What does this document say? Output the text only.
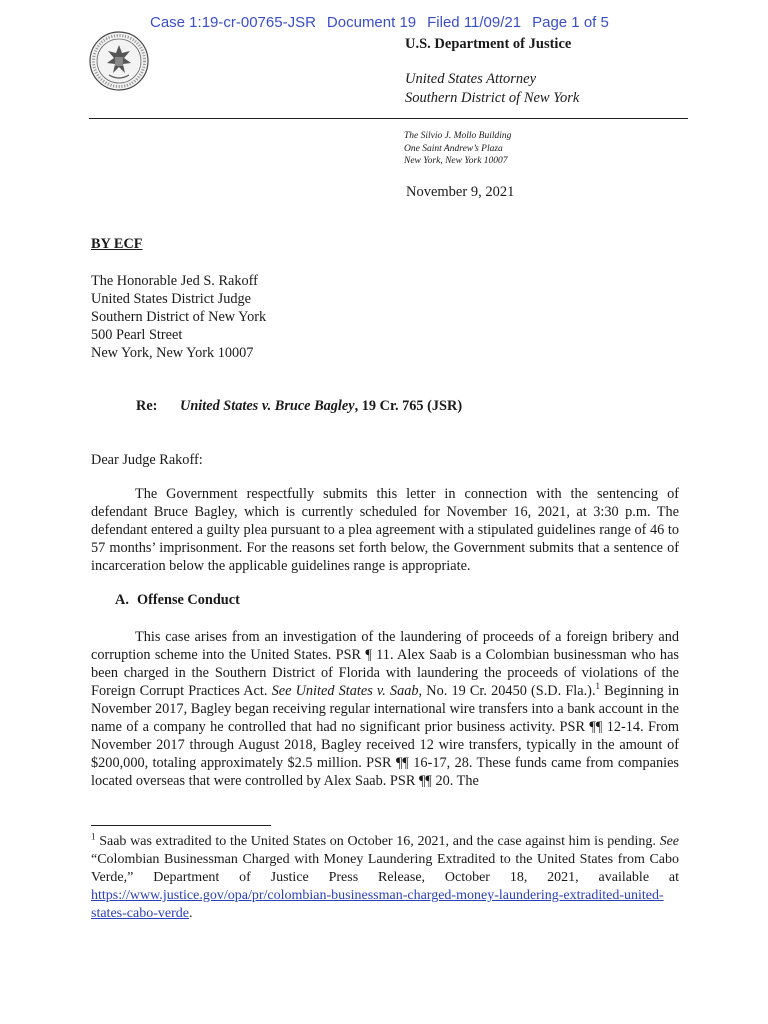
Case 1:19-cr-00765-JSR Document 19 Filed 11/09/21 Page 1 of 5
U.S. Department of Justice
United States Attorney
Southern District of New York
The Silvio J. Mollo Building
One Saint Andrew’s Plaza
New York, New York 10007
November 9, 2021
BY ECF
The Honorable Jed S. Rakoff
United States District Judge
Southern District of New York
500 Pearl Street
New York, New York 10007
Re: United States v. Bruce Bagley, 19 Cr. 765 (JSR)
Dear Judge Rakoff:

The Government respectfully submits this letter in connection with the sentencing of defendant Bruce Bagley, which is currently scheduled for November 16, 2021, at 3:30 p.m. The defendant entered a guilty plea pursuant to a plea agreement with a stipulated guidelines range of 46 to 57 months’ imprisonment. For the reasons set forth below, the Government submits that a sentence of incarceration below the applicable guidelines range is appropriate.

A. Offense Conduct

This case arises from an investigation of the laundering of proceeds of a foreign bribery and corruption scheme into the United States. PSR ¶ 11. Alex Saab is a Colombian businessman who has been charged in the Southern District of Florida with laundering the proceeds of violations of the Foreign Corrupt Practices Act. See United States v. Saab, No. 19 Cr. 20450 (S.D. Fla.).$^1$ Beginning in November 2017, Bagley began receiving regular international wire transfers into a bank account in the name of a company he controlled that had no significant prior business activity. PSR ¶¶ 12-14. From November 2017 through August 2018, Bagley received 12 wire transfers, typically in the amount of $200,000, totaling approximately $2.5 million. PSR ¶¶ 16-17, 28. These funds came from companies located overseas that were controlled by Alex Saab. PSR ¶¶ 20. The

$^1$ Saab was extradited to the United States on October 16, 2021, and the case against him is pending. See “Colombian Businessman Charged with Money Laundering Extradited to the United States from Cabo Verde,” Department of Justice Press Release, October 18, 2021, available at https://www.justice.gov/opa/pr/colombian-businessman-charged-money-laundering-extradited-united-states-cabo-verde.
